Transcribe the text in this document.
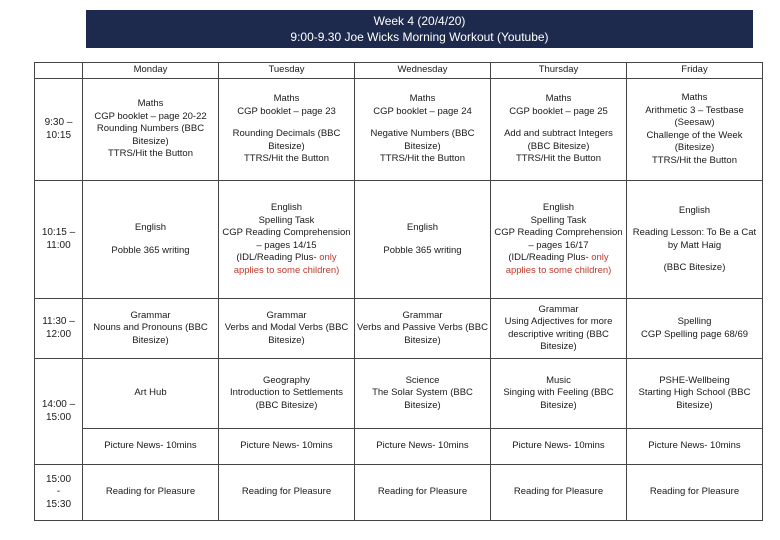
Week 4 (20/4/20)
9:00-9.30 Joe Wicks Morning Workout (Youtube)
	Monday	Tuesday	Wednesday	Thursday	Friday
9:30 – 10:15	Maths
CGP booklet – page 20-22
Rounding Numbers (BBC Bitesize)
TTRS/Hit the Button	Maths
CGP booklet – page 23
Rounding Decimals (BBC Bitesize)
TTRS/Hit the Button	Maths
CGP booklet – page 24
Negative Numbers (BBC Bitesize)
TTRS/Hit the Button	Maths
CGP booklet – page 25
Add and subtract Integers (BBC Bitesize)
TTRS/Hit the Button	Maths
Arithmetic 3 – Testbase (Seesaw)
Challenge of the Week (Bitesize)
TTRS/Hit the Button

10:15 – 11:00	English
Pobble 365 writing	English
Spelling Task
CGP Reading Comprehension – pages 14/15
(IDL/Reading Plus- only applies to some children)	English
Pobble 365 writing	English
Spelling Task
CGP Reading Comprehension – pages 16/17
(IDL/Reading Plus- only applies to some children)	English
Reading Lesson: To Be a Cat by Matt Haig
(BBC Bitesize)

11:30 – 12:00	Grammar
Nouns and Pronouns (BBC Bitesize)	Grammar
Verbs and Modal Verbs (BBC Bitesize)	Grammar
Verbs and Passive Verbs (BBC Bitesize)	Grammar
Using Adjectives for more descriptive writing (BBC Bitesize)	Spelling
CGP Spelling page 68/69

14:00 – 15:00	Art Hub	Geography
Introduction to Settlements (BBC Bitesize)	Science
The Solar System (BBC Bitesize)	Music
Singing with Feeling (BBC Bitesize)	PSHE-Wellbeing
Starting High School (BBC Bitesize)

	Picture News- 10mins	Picture News- 10mins	Picture News- 10mins	Picture News- 10mins	Picture News- 10mins

15:00
-
15:30	Reading for Pleasure	Reading for Pleasure	Reading for Pleasure	Reading for Pleasure	Reading for Pleasure
